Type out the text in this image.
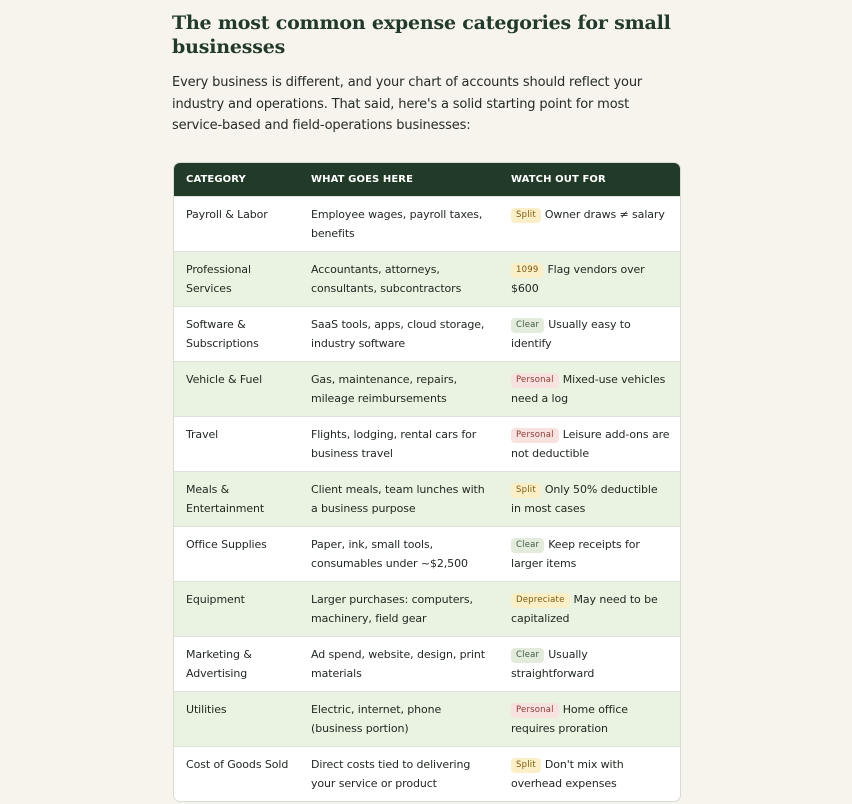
The most common expense categories for small businesses

Every business is different, and your chart of accounts should reflect your industry and operations. That said, here's a solid starting point for most service-based and field-operations businesses:

CATEGORY	WHAT GOES HERE	WATCH OUT FOR
Payroll & Labor	Employee wages, payroll taxes, benefits	Split Owner draws ≠ salary
Professional Services	Accountants, attorneys, consultants, subcontractors	1099 Flag vendors over $600
Software & Subscriptions	SaaS tools, apps, cloud storage, industry software	Clear Usually easy to identify
Vehicle & Fuel	Gas, maintenance, repairs, mileage reimbursements	Personal Mixed-use vehicles need a log
Travel	Flights, lodging, rental cars for business travel	Personal Leisure add-ons are not deductible
Meals & Entertainment	Client meals, team lunches with a business purpose	Split Only 50% deductible in most cases
Office Supplies	Paper, ink, small tools, consumables under ~$2,500	Clear Keep receipts for larger items
Equipment	Larger purchases: computers, machinery, field gear	Depreciate May need to be capitalized
Marketing & Advertising	Ad spend, website, design, print materials	Clear Usually straightforward
Utilities	Electric, internet, phone (business portion)	Personal Home office requires proration
Cost of Goods Sold	Direct costs tied to delivering your service or product	Split Don't mix with overhead expenses
